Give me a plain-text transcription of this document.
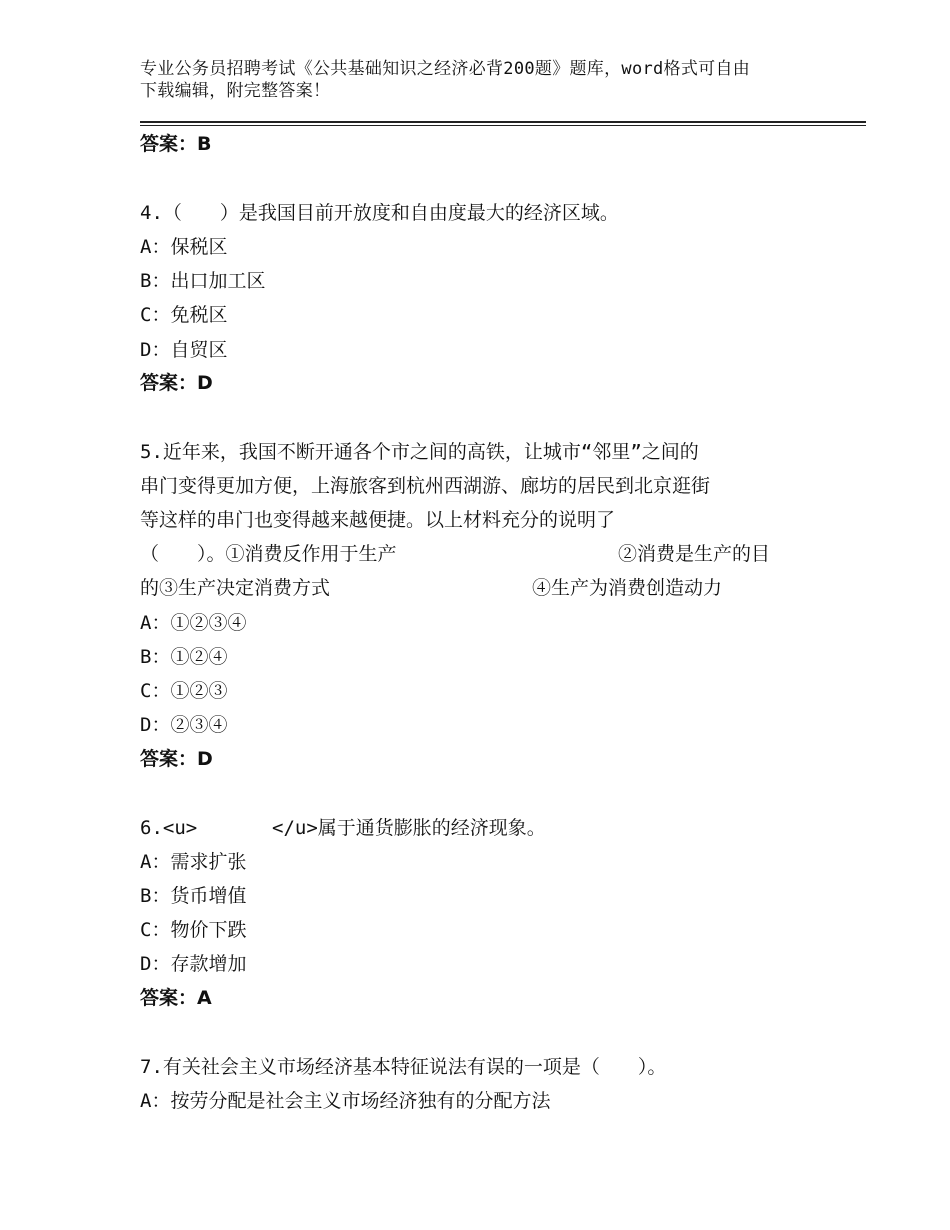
专业公务员招聘考试《公共基础知识之经济必背200题》题库，word格式可自由
下载编辑，附完整答案！
答案：B
4.（　　）是我国目前开放度和自由度最大的经济区域。
A：保税区
B：出口加工区
C：免税区
D：自贸区
答案：D
5.近年来，我国不断开通各个市之间的高铁，让城市“邻里”之间的
串门变得更加方便，上海旅客到杭州西湖游、廊坊的居民到北京逛街
等这样的串门也变得越来越便捷。以上材料充分的说明了
（　　）。①消费反作用于生产	②消费是生产的目
的③生产决定消费方式	④生产为消费创造动力
A：①②③④
B：①②④
C：①②③
D：②③④
答案：D
6.<u>	</u>属于通货膨胀的经济现象。
A：需求扩张
B：货币增值
C：物价下跌
D：存款增加
答案：A
7.有关社会主义市场经济基本特征说法有误的一项是（　　）。
A：按劳分配是社会主义市场经济独有的分配方法
